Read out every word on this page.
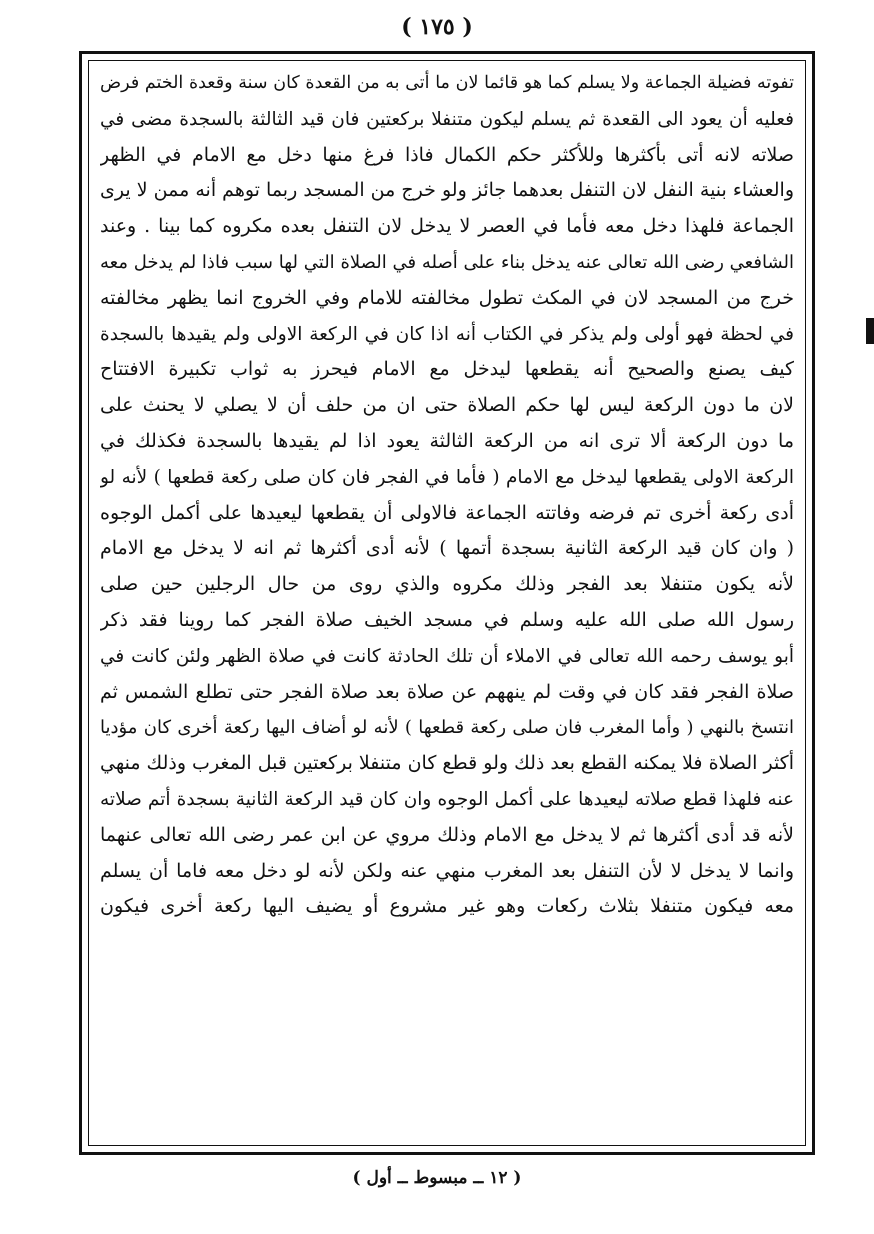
( ١٧٥ )
تفوته فضيلة الجماعة ولا يسلم كما هو قائما لان ما أتى به من القعدة كان سنة وقعدة الختم فرض
فعليه أن يعود الى القعدة ثم يسلم ليكون متنفلا بركعتين فان قيد الثالثة بالسجدة مضى في
صلاته لانه أتى بأكثرها وللأكثر حكم الكمال فاذا فرغ منها دخل مع الامام في الظهر
والعشاء بنية النفل لان التنفل بعدهما جائز ولو خرج من المسجد ربما توهم أنه ممن لا يرى
الجماعة فلهذا دخل معه فأما في العصر لا يدخل لان التنفل بعده مكروه كما بينا . وعند
الشافعي رضى الله تعالى عنه يدخل بناء على أصله في الصلاة التي لها سبب فاذا لم يدخل معه
خرج من المسجد لان في المكث تطول مخالفته للامام وفي الخروج انما يظهر مخالفته
في لحظة فهو أولى ولم يذكر في الكتاب أنه اذا كان في الركعة الاولى ولم يقيدها بالسجدة
كيف يصنع والصحيح أنه يقطعها ليدخل مع الامام فيحرز به ثواب تكبيرة الافتتاح
لان ما دون الركعة ليس لها حكم الصلاة حتى ان من حلف أن لا يصلي لا يحنث على
ما دون الركعة ألا ترى انه من الركعة الثالثة يعود اذا لم يقيدها بالسجدة فكذلك في
الركعة الاولى يقطعها ليدخل مع الامام ( فأما في الفجر فان كان صلى ركعة قطعها ) لأنه لو
أدى ركعة أخرى تم فرضه وفاتته الجماعة فالاولى أن يقطعها ليعيدها على أكمل الوجوه
( وان كان قيد الركعة الثانية بسجدة أتمها ) لأنه أدى أكثرها ثم انه لا يدخل مع الامام
لأنه يكون متنفلا بعد الفجر وذلك مكروه والذي روى من حال الرجلين حين صلى
رسول الله صلى الله عليه وسلم في مسجد الخيف صلاة الفجر كما روينا فقد ذكر
أبو يوسف رحمه الله تعالى في الاملاء أن تلك الحادثة كانت في صلاة الظهر ولئن كانت في
صلاة الفجر فقد كان في وقت لم ينههم عن صلاة بعد صلاة الفجر حتى تطلع الشمس ثم
انتسخ بالنهي ( وأما المغرب فان صلى ركعة قطعها ) لأنه لو أضاف اليها ركعة أخرى كان مؤديا
أكثر الصلاة فلا يمكنه القطع بعد ذلك ولو قطع كان متنفلا بركعتين قبل المغرب وذلك منهي
عنه فلهذا قطع صلاته ليعيدها على أكمل الوجوه وان كان قيد الركعة الثانية بسجدة أتم صلاته
لأنه قد أدى أكثرها ثم لا يدخل مع الامام وذلك مروي عن ابن عمر رضى الله تعالى عنهما
وانما لا يدخل لا لأن التنفل بعد المغرب منهي عنه ولكن لأنه لو دخل معه فاما أن يسلم
معه فيكون متنفلا بثلاث ركعات وهو غير مشروع أو يضيف اليها ركعة أخرى فيكون
( ١٢ ــ مبسوط ــ أول )
